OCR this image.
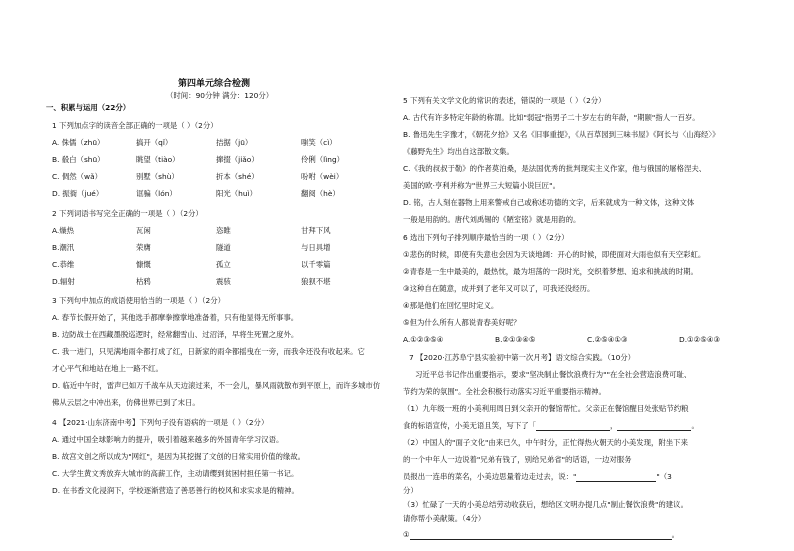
第四单元综合检测
（时间：90分钟 满分：120分）
一、积累与运用（22分）
1 下列加点字的读音全部正确的一项是（ ）（2分）
A. 侏儒（zhū）	搞开（qǐ）	拮据（jū）	嗤笑（cì）
B. 殽白（shū）	眺望（tiào）	撺掇（jiǎo）	伶俐（lìng）
C. 倜然（wǎ）	别墅（shù）	折本（shé）	吩咐（wèi）
D. 振衙（jué）	诓骗（lón）	阳光（huì）	翻阅（hè）
2 下列词语书写完全正确的一项是（ ）（2分）
A.燥热	瓦闲	恣睢	甘拜下风
B.潮汛	荣膺	隧道	与日具增
C.恭维	慷慨	孤立	以千零篇
D.辐射	枯鸦	震骇	狼狈不堪
3 下列句中加点的成语使用恰当的一项是（ ）（2分）
A. 春节长假开始了，其他选手都摩拳擦掌地准备着，只有他显得无所事事。
B. 边防战士在西藏墨脱巡逻时，经常翻雪山、过沼泽，早将生死置之度外。
C. 我一进门，只见满地雨伞都打成了红，日新家的雨伞都摇曳在一旁，而我伞还没有收起来。它
才心平气和地站在地上一路不红。
D. 临近中午时，雷声已如万千战车从天边滚过来，不一会儿，暴风雨就散布到平原上，而许多城市仿
佛从云层之中冲出来，仿佛世界已到了末日。
4 【2021·山东济南中考】下列句子没有语病的一项是（ ）（2分）
A. 通过中国全球影响力的提升，吸引着越来越多的外国青年学习汉语。
B. 故宫文创之所以成为"网红"，是因为其挖掘了文创的日常实用价值的缘故。
C. 大学生黄文秀放弃大城市的高薪工作，主动请缨到贫困村担任第一书记。
D. 在书香文化浸润下，学校逐渐营造了善恶善行的校风和求实求是的精神。
5 下列有关文学文化的常识的表述，错误的一项是（ ）（2分）
A. 古代有许多特定年龄的称谓。比如"弱冠"指男子二十岁左右的年龄，"期颐"指人一百岁。
B. 鲁迅先生字豫才，《朝花夕拾》又名《旧事重提》，《从百草园到三味书屋》《阿长与〈山海经〉》
《藤野先生》均出自这部散文集。
C.《我的叔叔于勒》的作者莫泊桑，是法国优秀的批判现实主义作家，他与俄国的屠格涅夫、
美国的欧·亨利并称为"世界三大短篇小说巨匠"。
D. 铭，古人刻在器物上用来警戒自己或称述功德的文字，后来就成为一种文体，这种文体
一般是用韵的。唐代刘禹锡的《陋室铭》就是用韵的。
6 选出下列句子排列顺序最恰当的一项（ ）（2分）
①悲伤的时候，即使有失意也会因为天谈地阔：开心的时候，即使面对大雨也似有天空彩虹。
②青春是一生中最美的，最热忱，最为坦荡的一段时光，交织着梦想、追求和挑战的时期。
③这种自在随意，成并到了老年又可以了，可我还没经历。
④那是他们在回忆里时定义。
⑤但为什么所有人都说青春美好呢？
A.①②③⑤④	B.②①③④⑤	C.②⑤④①③	D.①②⑤④③
7 【2020·江苏阜宁县实验初中第一次月考】语文综合实践。（10分）
习近平总书记作出重要指示，要求"坚决制止餐饮浪费行为""在全社会营造浪费可耻、
节约为荣的氛围"。全社会积极行动落实习近平重要指示精神。
（1）九年级一班的小美利用周日到父亲开的餐馆帮忙。父亲正在餐馆醒目处张贴节约粮
食的标语宣传，小美无语且笑，写下了「	，	。
（2）中国人的"面子文化"由来已久，中午时分，正忙得热火朝天的小美发现，附坐下来
的一个中年人一边说着"兄弟有钱了，别给兄弟省"的话语，一边对服务
员报出一连串的菜名，小美边思量着边走过去，说："	"（3
分）
（3）忙碌了一天的小美总结劳动收获后，想给区文明办提几点"制止餐饮浪费"的建议。
请你帮小美献策。（4分）
①	。
